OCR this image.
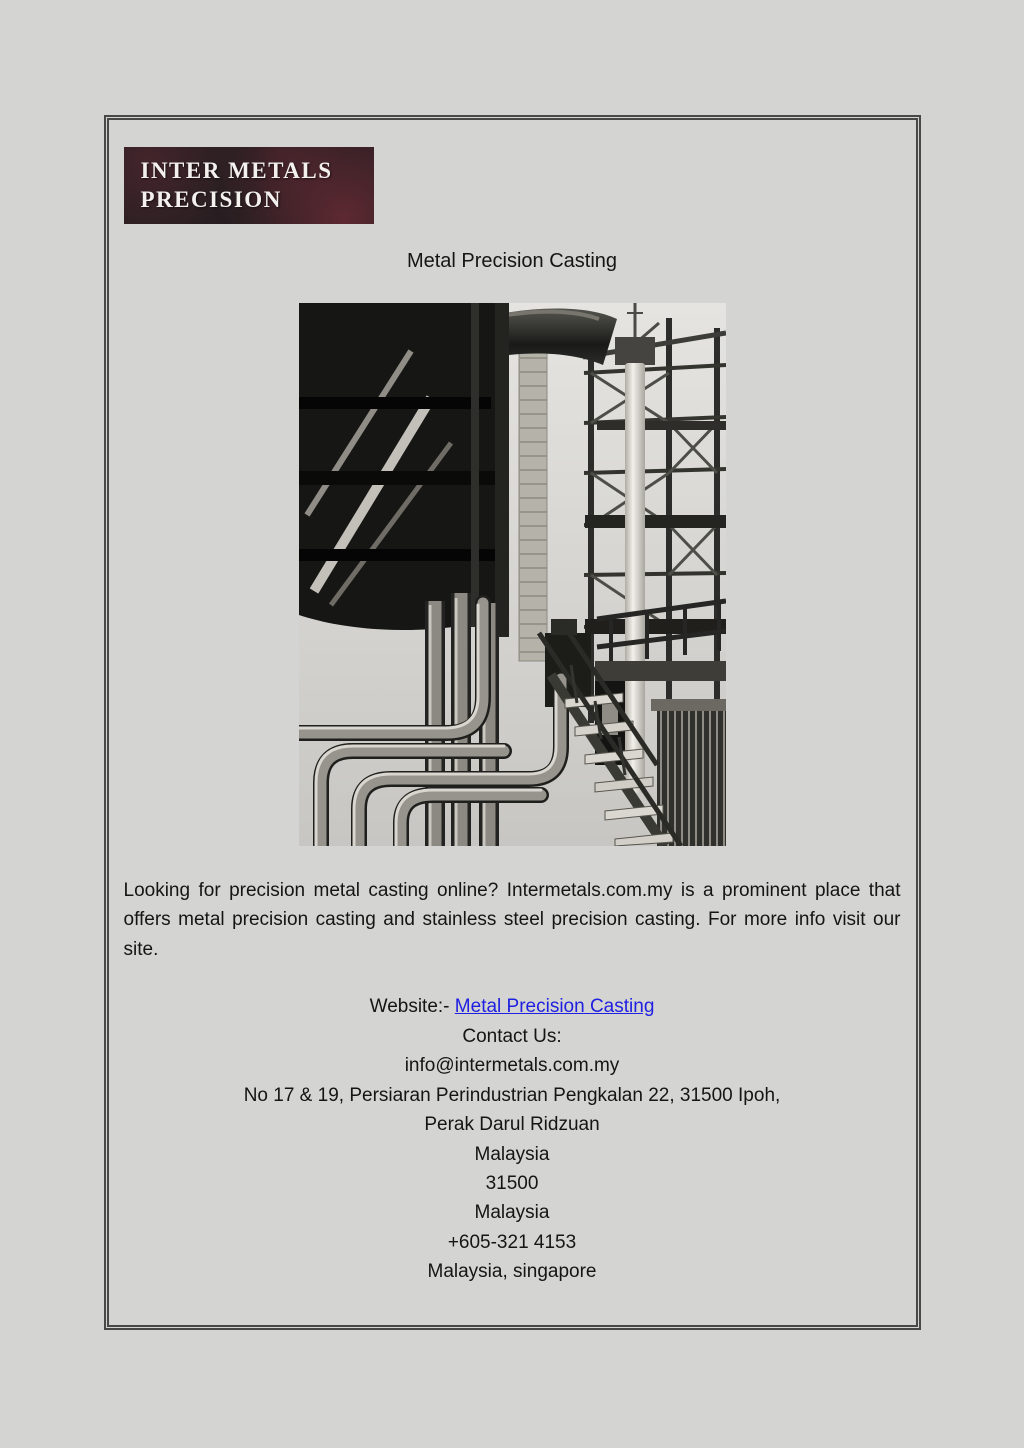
INTER METALS
PRECISION
Metal Precision Casting

Looking for precision metal casting online? Intermetals.com.my is a prominent place that offers metal precision casting and stainless steel precision casting. For more info visit our site.

Website:- Metal Precision Casting
Contact Us:
info@intermetals.com.my
No 17 & 19, Persiaran Perindustrian Pengkalan 22, 31500 Ipoh,
Perak Darul Ridzuan
Malaysia
31500
Malaysia
+605-321 4153
Malaysia, singapore
